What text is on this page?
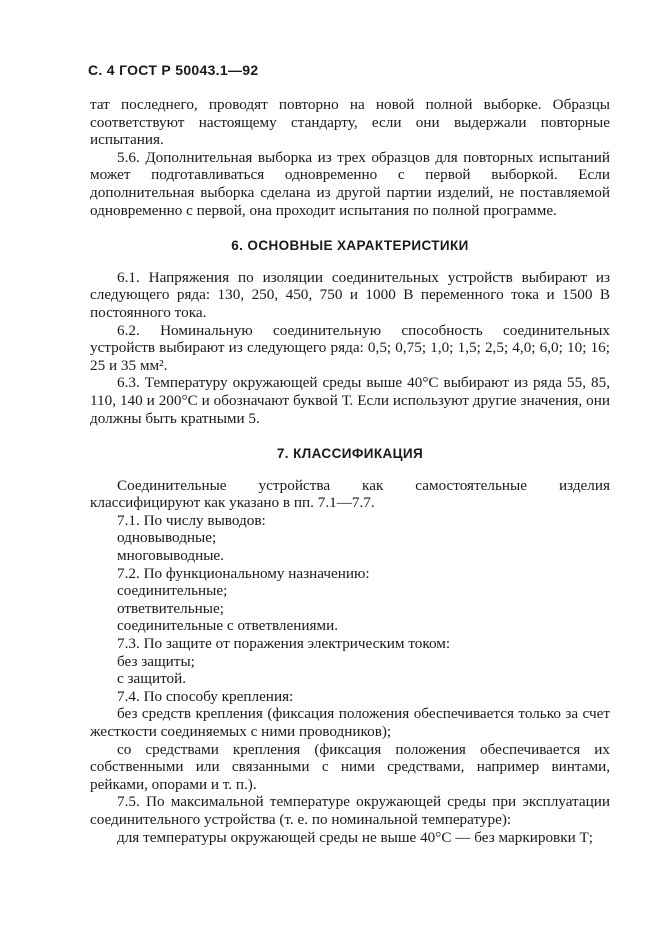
С. 4 ГОСТ Р 50043.1—92

тат последнего, проводят повторно на новой полной выборке. Образцы соответствуют настоящему стандарту, если они выдержали повторные испытания.

5.6. Дополнительная выборка из трех образцов для повторных испытаний может подготавливаться одновременно с первой выборкой. Если дополнительная выборка сделана из другой партии изделий, не поставляемой одновременно с первой, она проходит испытания по полной программе.

6. ОСНОВНЫЕ ХАРАКТЕРИСТИКИ

6.1. Напряжения по изоляции соединительных устройств выбирают из следующего ряда: 130, 250, 450, 750 и 1000 В переменного тока и 1500 В постоянного тока.

6.2. Номинальную соединительную способность соединительных устройств выбирают из следующего ряда: 0,5; 0,75; 1,0; 1,5; 2,5; 4,0; 6,0; 10; 16; 25 и 35 мм².

6.3. Температуру окружающей среды выше 40°С выбирают из ряда 55, 85, 110, 140 и 200°С и обозначают буквой Т. Если используют другие значения, они должны быть кратными 5.

7. КЛАССИФИКАЦИЯ

Соединительные устройства как самостоятельные изделия классифицируют как указано в пп. 7.1—7.7.

7.1. По числу выводов:

одновыводные;

многовыводные.

7.2. По функциональному назначению:

соединительные;

ответвительные;

соединительные с ответвлениями.

7.3. По защите от поражения электрическим током:

без защиты;

с защитой.

7.4. По способу крепления:

без средств крепления (фиксация положения обеспечивается только за счет жесткости соединяемых с ними проводников);

со средствами крепления (фиксация положения обеспечивается их собственными или связанными с ними средствами, например винтами, рейками, опорами и т. п.).

7.5. По максимальной температуре окружающей среды при эксплуатации соединительного устройства (т. е. по номинальной температуре):

для температуры окружающей среды не выше 40°С — без маркировки Т;
